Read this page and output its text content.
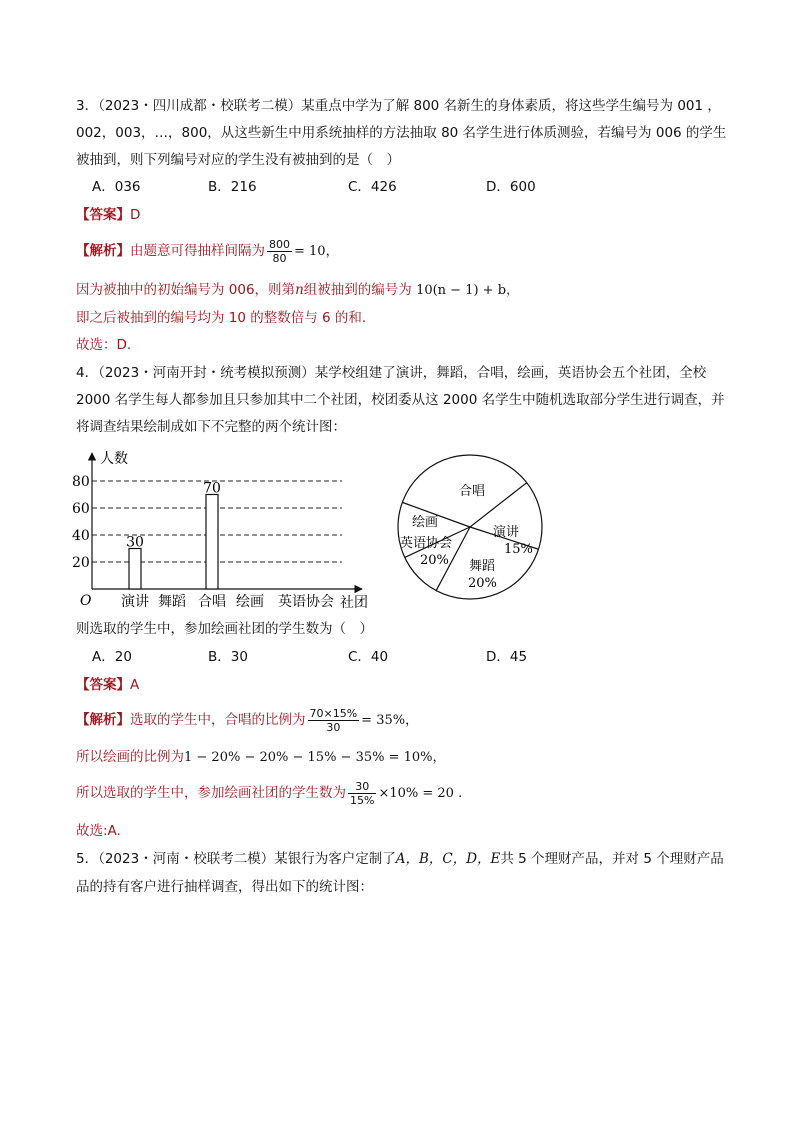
3．（2023・四川成都・校联考二模）某重点中学为了解 800 名新生的身体素质，将这些学生编号为 001 ，
002，003，…，800，从这些新生中用系统抽样的方法抽取 80 名学生进行体质测验，若编号为 006 的学生
被抽到，则下列编号对应的学生没有被抽到的是（　）
A．036	B．216	C．426	D．600
【答案】D
【解析】由题意可得抽样间隔为 $\frac{800}{80} = 10$，
因为被抽中的初始编号为 006，则第n组被抽到的编号为 10(n − 1) + b，
即之后被抽到的编号均为 10 的整数倍与 6 的和.
故选：D.
4．（2023・河南开封・统考模拟预测）某学校组建了演讲，舞蹈，合唱，绘画，英语协会五个社团，全校
2000 名学生每人都参加且只参加其中二个社团，校团委从这 2000 名学生中随机选取部分学生进行调查，并
将调查结果绘制成如下不完整的两个统计图：
人数
社团
O
20
40
60
80
30
70
演讲 舞蹈 合唱 绘画 英语协会
合唱
演讲
15%
舞蹈
20%
英语协会
20%
绘画
则选取的学生中，参加绘画社团的学生数为（　）
A．20	B．30	C．40	D．45
【答案】A
【解析】选取的学生中，合唱的比例为 $\frac{70\times 15\%}{30} = 35\%$，
所以绘画的比例为1 − 20% − 20% − 15% − 35% = 10%，
所以选取的学生中，参加绘画社团的学生数为 $\frac{30}{15\%} \times 10\% = 20$ .
故选:A.
5．（2023・河南・校联考二模）某银行为客户定制了A，B，C，D，E共 5 个理财产品，并对 5 个理财产品
品的持有客户进行抽样调查，得出如下的统计图：
